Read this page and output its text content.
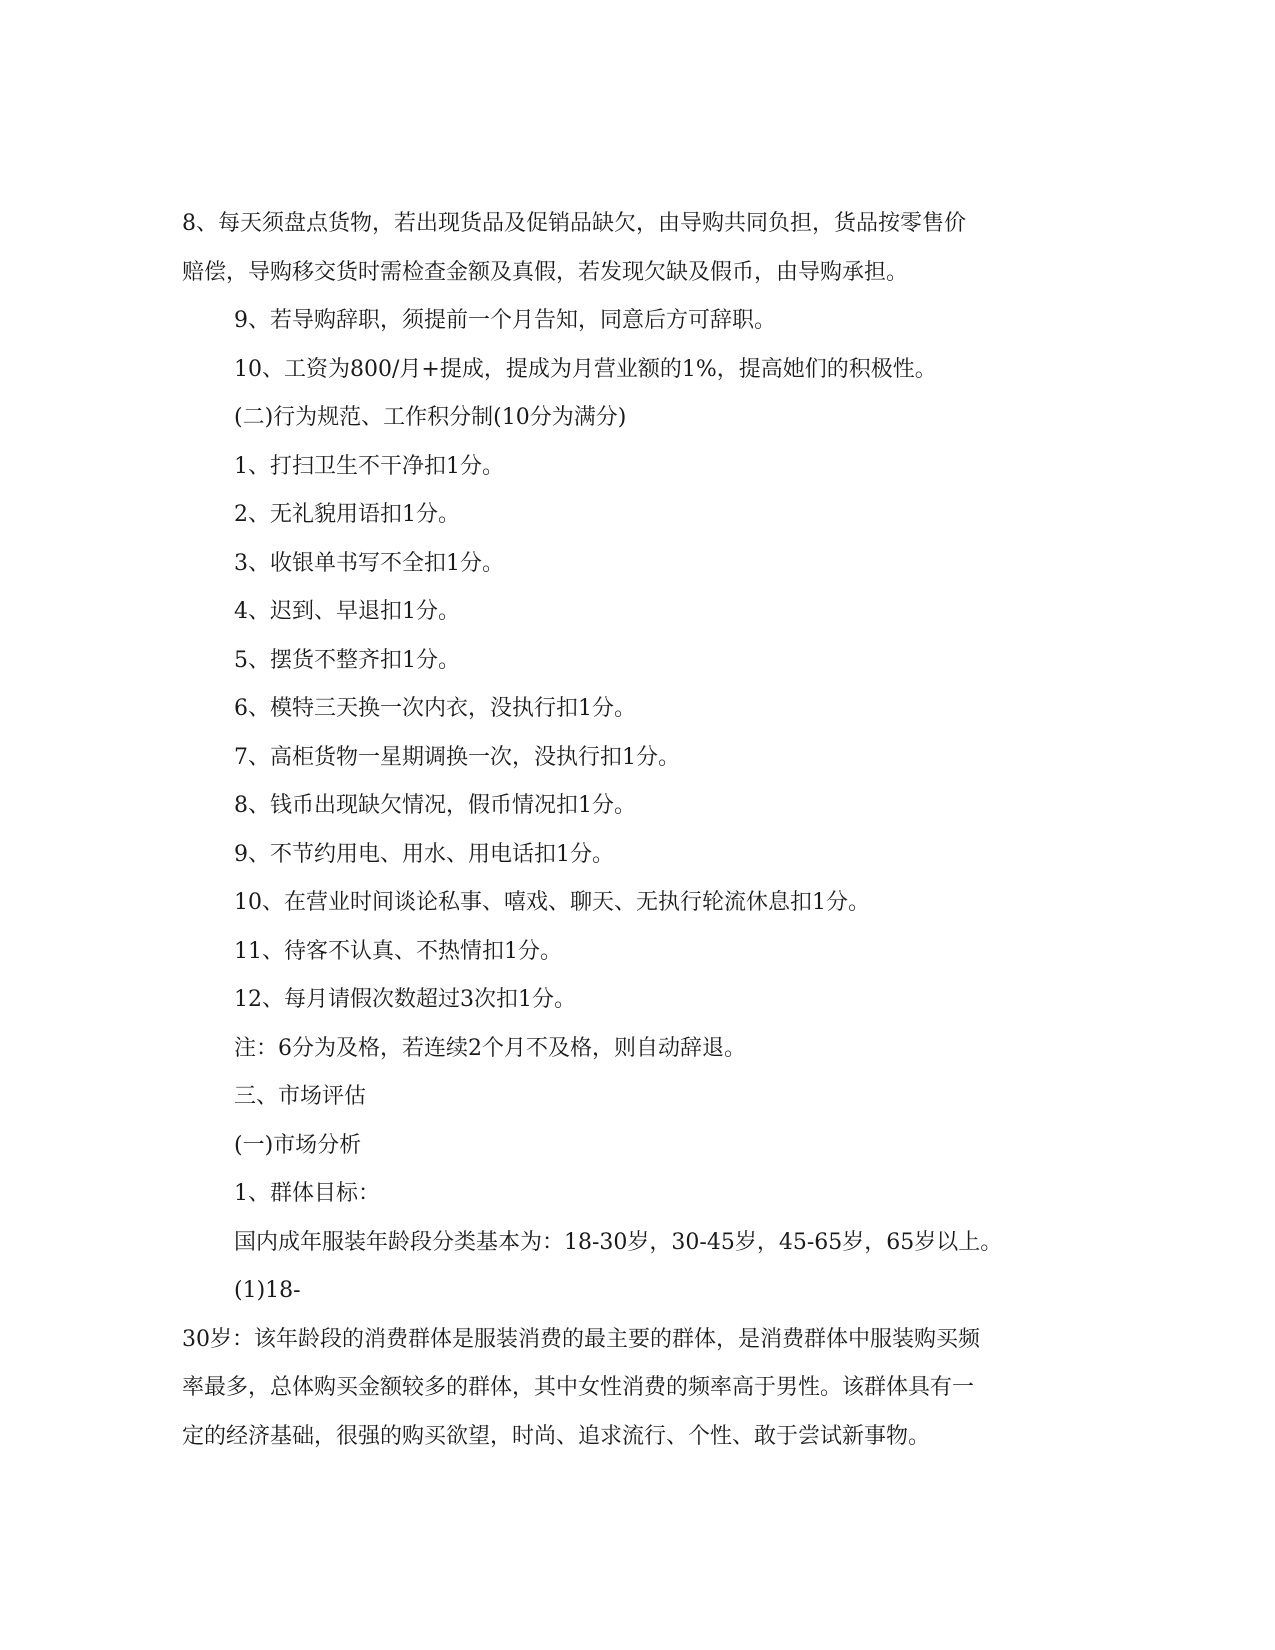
8、每天须盘点货物，若出现货品及促销品缺欠，由导购共同负担，货品按零售价
赔偿，导购移交货时需检查金额及真假，若发现欠缺及假币，由导购承担。
9、若导购辞职，须提前一个月告知，同意后方可辞职。
10、工资为800/月+提成，提成为月营业额的1%，提高她们的积极性。
(二)行为规范、工作积分制(10分为满分)
1、打扫卫生不干净扣1分。
2、无礼貌用语扣1分。
3、收银单书写不全扣1分。
4、迟到、早退扣1分。
5、摆货不整齐扣1分。
6、模特三天换一次内衣，没执行扣1分。
7、高柜货物一星期调换一次，没执行扣1分。
8、钱币出现缺欠情况，假币情况扣1分。
9、不节约用电、用水、用电话扣1分。
10、在营业时间谈论私事、嘻戏、聊天、无执行轮流休息扣1分。
11、待客不认真、不热情扣1分。
12、每月请假次数超过3次扣1分。
注：6分为及格，若连续2个月不及格，则自动辞退。
三、市场评估
(一)市场分析
1、群体目标：
国内成年服装年龄段分类基本为：18-30岁，30-45岁，45-65岁，65岁以上。
(1)18-
30岁：该年龄段的消费群体是服装消费的最主要的群体，是消费群体中服装购买频
率最多，总体购买金额较多的群体，其中女性消费的频率高于男性。该群体具有一
定的经济基础，很强的购买欲望，时尚、追求流行、个性、敢于尝试新事物。
